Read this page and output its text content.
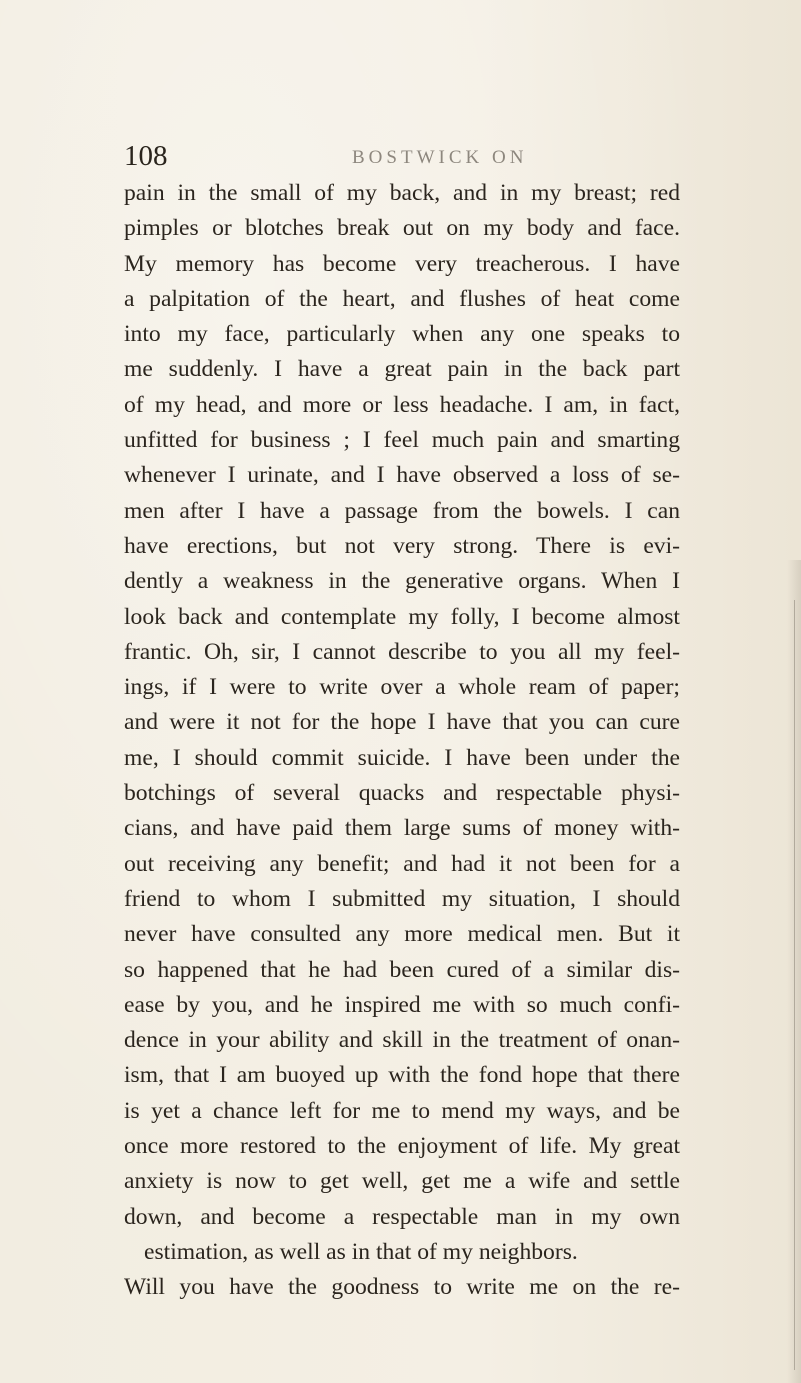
108	BOSTWICK ON
pain in the small of my back, and in my breast; red
pimples or blotches break out on my body and face.
My memory has become very treacherous. I have
a palpitation of the heart, and flushes of heat come
into my face, particularly when any one speaks to
me suddenly. I have a great pain in the back part
of my head, and more or less headache. I am, in fact,
unfitted for business ; I feel much pain and smarting
whenever I urinate, and I have observed a loss of se-
men after I have a passage from the bowels. I can
have erections, but not very strong. There is evi-
dently a weakness in the generative organs. When I
look back and contemplate my folly, I become almost
frantic. Oh, sir, I cannot describe to you all my feel-
ings, if I were to write over a whole ream of paper;
and were it not for the hope I have that you can cure
me, I should commit suicide. I have been under the
botchings of several quacks and respectable physi-
cians, and have paid them large sums of money with-
out receiving any benefit; and had it not been for a
friend to whom I submitted my situation, I should
never have consulted any more medical men. But it
so happened that he had been cured of a similar dis-
ease by you, and he inspired me with so much confi-
dence in your ability and skill in the treatment of onan-
ism, that I am buoyed up with the fond hope that there
is yet a chance left for me to mend my ways, and be
once more restored to the enjoyment of life. My great
anxiety is now to get well, get me a wife and settle
down, and become a respectable man in my own
estimation, as well as in that of my neighbors.
Will you have the goodness to write me on the re-
